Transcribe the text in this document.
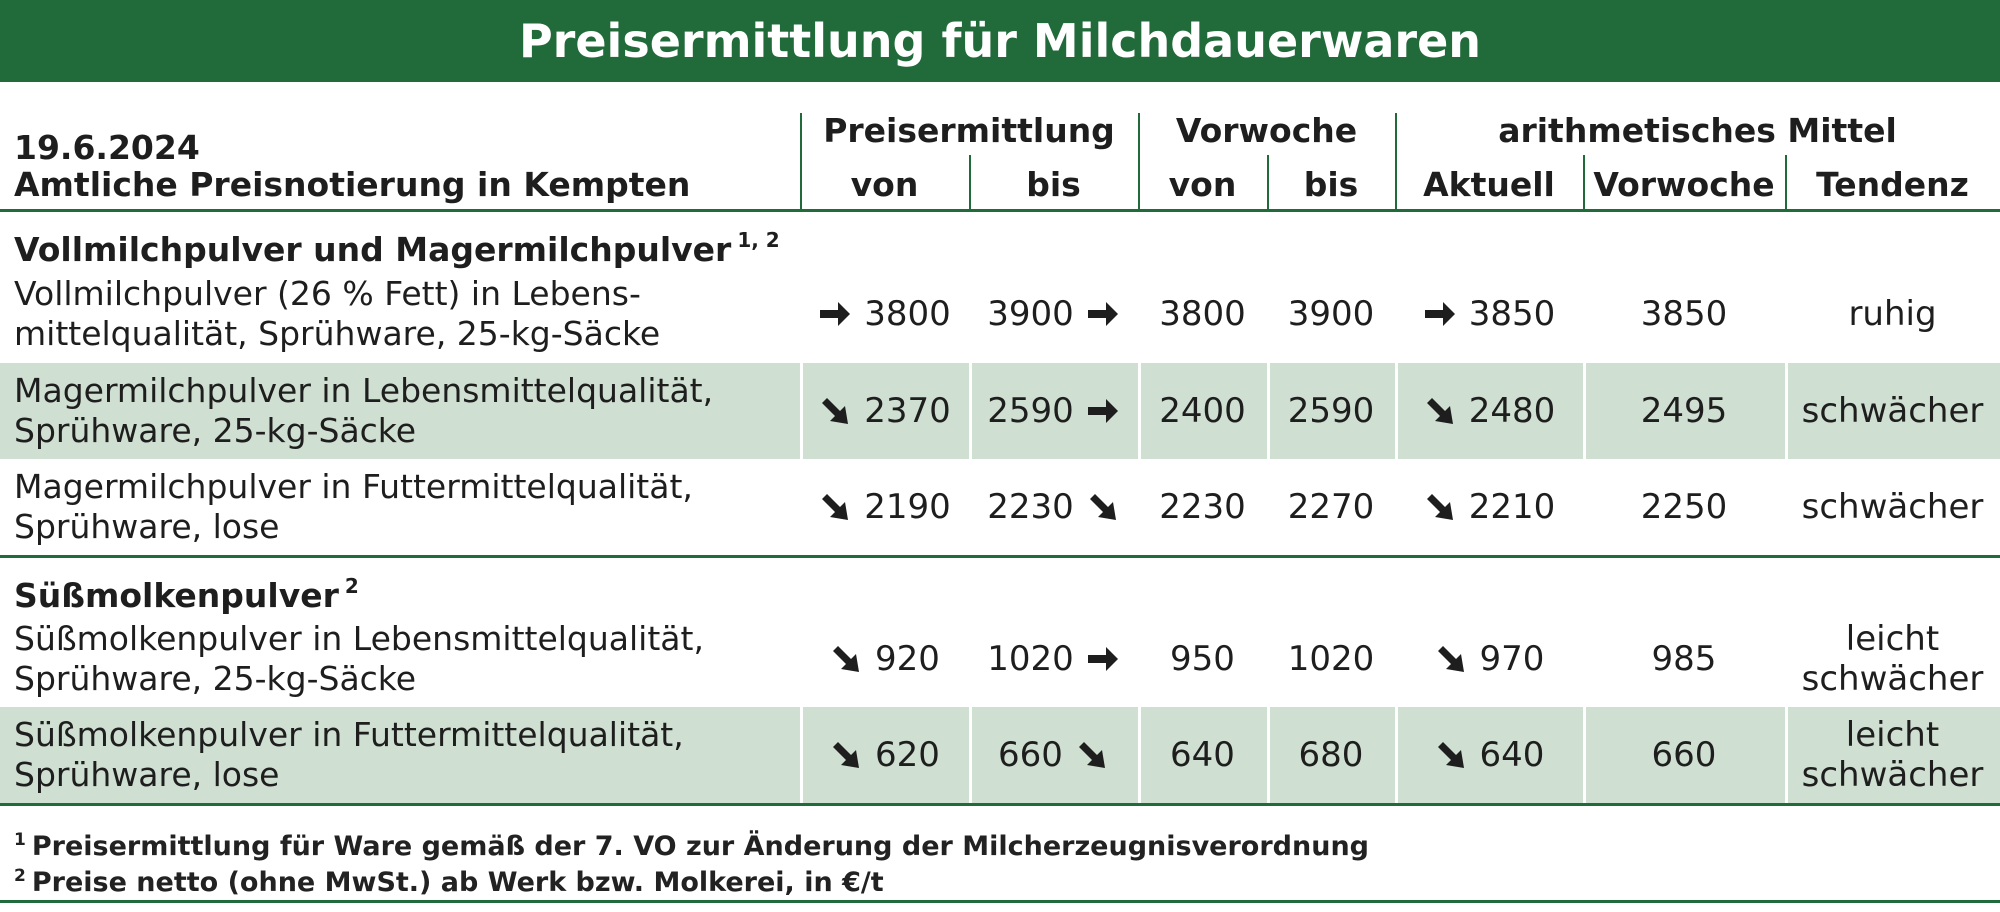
Preisermittlung für Milchdauerwaren
19.6.2024
Amtliche Preisnotierung in Kempten
Preisermittlung	Vorwoche	arithmetisches Mittel
von	bis	von	bis	Aktuell	Vorwoche	Tendenz
Vollmilchpulver und Magermilchpulver $^{1, 2}$
Süßmolkenpulver $^2$
Vollmilchpulver (26 % Fett) in Lebens-
mittelqualität, Sprühware, 25-kg-Säcke	3800 3900	3800 3900	3850	3850	ruhig
Magermilchpulver in Lebensmittelqualität,
Sprühware, 25-kg-Säcke	2370 2590	2400 2590	2480	2495 schwächer
Magermilchpulver in Futtermittelqualität,
Sprühware, lose	2190 2230	2230 2270	2210	2250 schwächer
Süßmolkenpulver in Lebensmittelqualität,
Sprühware, 25-kg-Säcke	920 1020	950 1020	970	985	leicht
schwächer
Süßmolkenpulver in Futtermittelqualität,
Sprühware, lose	620 660	640 680	640	660	leicht
schwächer
$^1$ Preisermittlung für Ware gemäß der 7. VO zur Änderung der Milcherzeugnisverordnung
$^2$ Preise netto (ohne MwSt.) ab Werk bzw. Molkerei, in €/t
